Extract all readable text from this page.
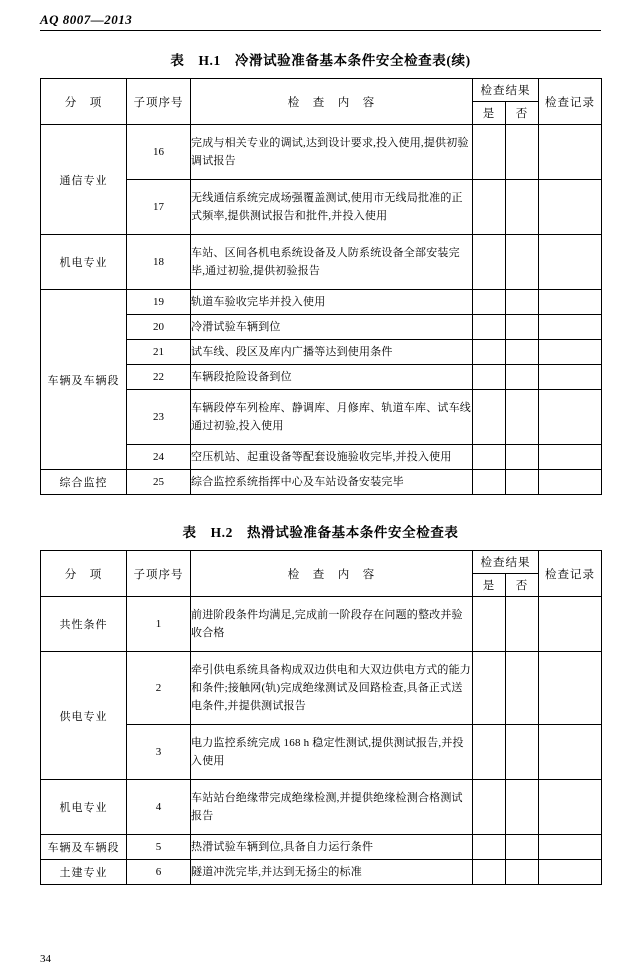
AQ 8007—2013
表 H.1 冷滑试验准备基本条件安全检查表(续)
分　项	子项序号	检　查　内　容	检查结果		检查记录
			是	否	
通信专业	16	完成与相关专业的调试,达到设计要求,投入使用,提供初验调试报告			
	17	无线通信系统完成场强覆盖测试,使用市无线局批准的正式频率,提供测试报告和批件,并投入使用			
机电专业	18	车站、区间各机电系统设备及人防系统设备全部安装完毕,通过初验,提供初验报告			
车辆及车辆段	19	轨道车验收完毕并投入使用			
	20	冷滑试验车辆到位			
	21	试车线、段区及库内广播等达到使用条件			
	22	车辆段抢险设备到位			
	23	车辆段停车列检库、静调库、月修库、轨道车库、试车线通过初验,投入使用			
	24	空压机站、起重设备等配套设施验收完毕,并投入使用			
综合监控	25	综合监控系统指挥中心及车站设备安装完毕			
表 H.2 热滑试验准备基本条件安全检查表
分　项	子项序号	检　查　内　容	检查结果		检查记录
			是	否	
共性条件	1	前进阶段条件均满足,完成前一阶段存在问题的整改并验收合格			
供电专业	2	牵引供电系统具备构成双边供电和大双边供电方式的能力和条件;接触网(轨)完成绝缘测试及回路检查,具备正式送电条件,并提供测试报告			
	3	电力监控系统完成 168 h 稳定性测试,提供测试报告,并投入使用			
机电专业	4	车站站台绝缘带完成绝缘检测,并提供绝缘检测合格测试报告			
车辆及车辆段	5	热滑试验车辆到位,具备自力运行条件			
土建专业	6	隧道冲洗完毕,并达到无扬尘的标准			
34
